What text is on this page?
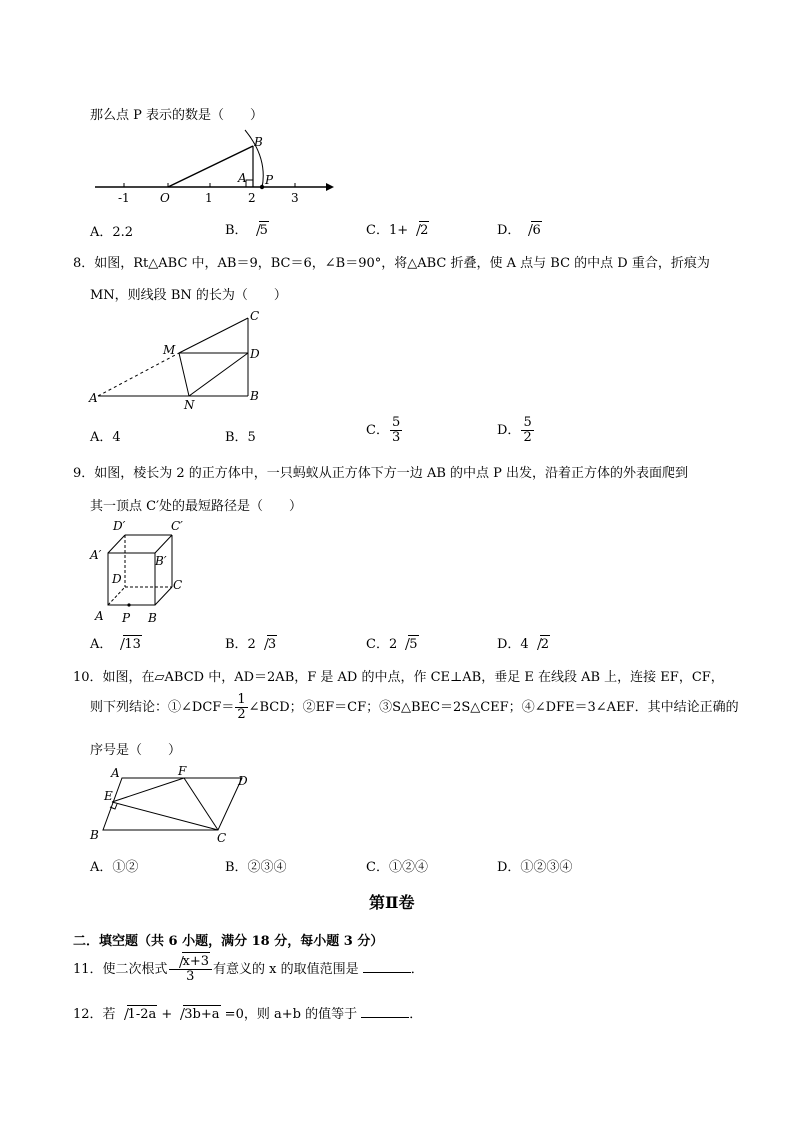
那么点 P 表示的数是（　　）
B
A P
O
-1	1	2	3
A．2.2	B． 5	C．1+ 2	D． 6
8．如图，Rt△ABC 中，AB＝9，BC＝6，∠B＝90°，将△ABC 折叠，使 A 点与 BC 的中点 D 重合，折痕为
MN，则线段 BN 的长为（　　）
C
M	D
A	N
B
A．4	B．5	C． $\frac{5}{3}$	D． $\frac{5}{2}$
9．如图，棱长为 2 的正方体中，一只蚂蚁从正方体下方一边 AB 的中点 P 出发，沿着正方体的外表面爬到
其一顶点 C′处的最短路径是（　　）
D′	C′
A′	B′
D	C
A P B
A． 13	B．2 3	C．2 5	D．4 2
10．如图，在▱ABCD 中，AD＝2AB，F 是 AD 的中点，作 CE⊥AB，垂足 E 在线段 AB 上，连接 EF，CF，
则下列结论：①∠DCF＝ $\frac{1}{2}$ ∠BCD；②EF＝CF；③S△BEC＝2S△CEF；④∠DFE＝3∠AEF．其中结论正确的
序号是（　　）
A	F
D
E
B	C
A．①②	B．②③④	C．①②④	D．①②③④
第Ⅱ卷
二．填空题（共 6 小题，满分 18 分，每小题 3 分）
11．使二次根式 $\frac{x+3}{3}$ 有意义的 x 的取值范围是	．
12．若 1-2a + 3b+a =0，则 a+b 的值等于	．
